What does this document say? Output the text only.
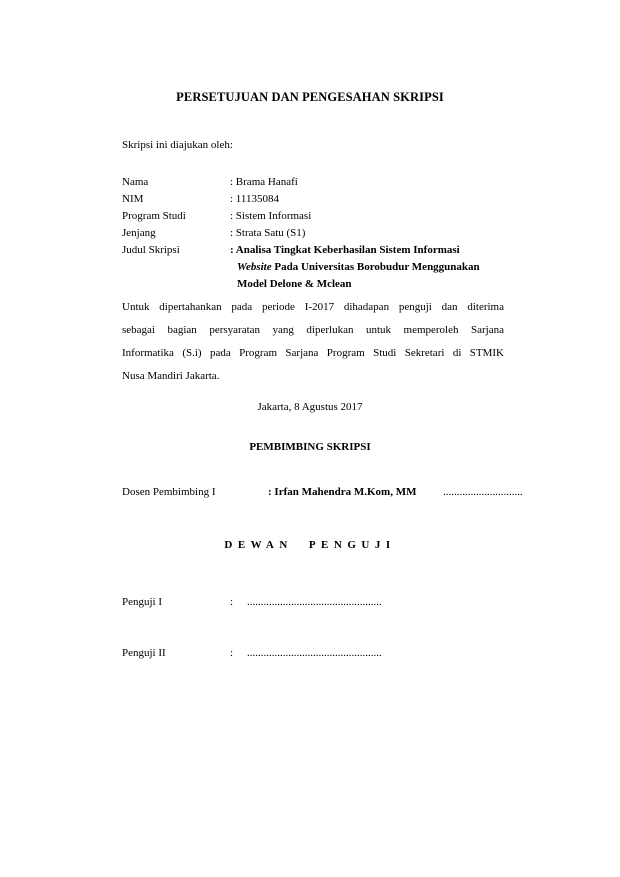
PERSETUJUAN DAN PENGESAHAN SKRIPSI
Skripsi ini diajukan oleh:
Nama	: Brama Hanafi
NIM	: 11135084
Program Studi	: Sistem Informasi
Jenjang	: Strata Satu (S1)
Judul Skripsi	: Analisa Tingkat Keberhasilan Sistem Informasi
Website Pada Universitas Borobudur Menggunakan
Model Delone & Mclean
Untuk dipertahankan pada periode I-2017 dihadapan penguji dan diterima
sebagai bagian persyaratan yang diperlukan untuk memperoleh Sarjana
Informatika (S.i) pada Program Sarjana Program Studi Sekretari di STMIK
Nusa Mandiri Jakarta.
Jakarta, 8 Agustus 2017
PEMBIMBING SKRIPSI
Dosen Pembimbing I	: Irfan Mahendra M.Kom, MM .............................
DEWAN PENGUJI
Penguji I	: .................................................
Penguji II	: .................................................
